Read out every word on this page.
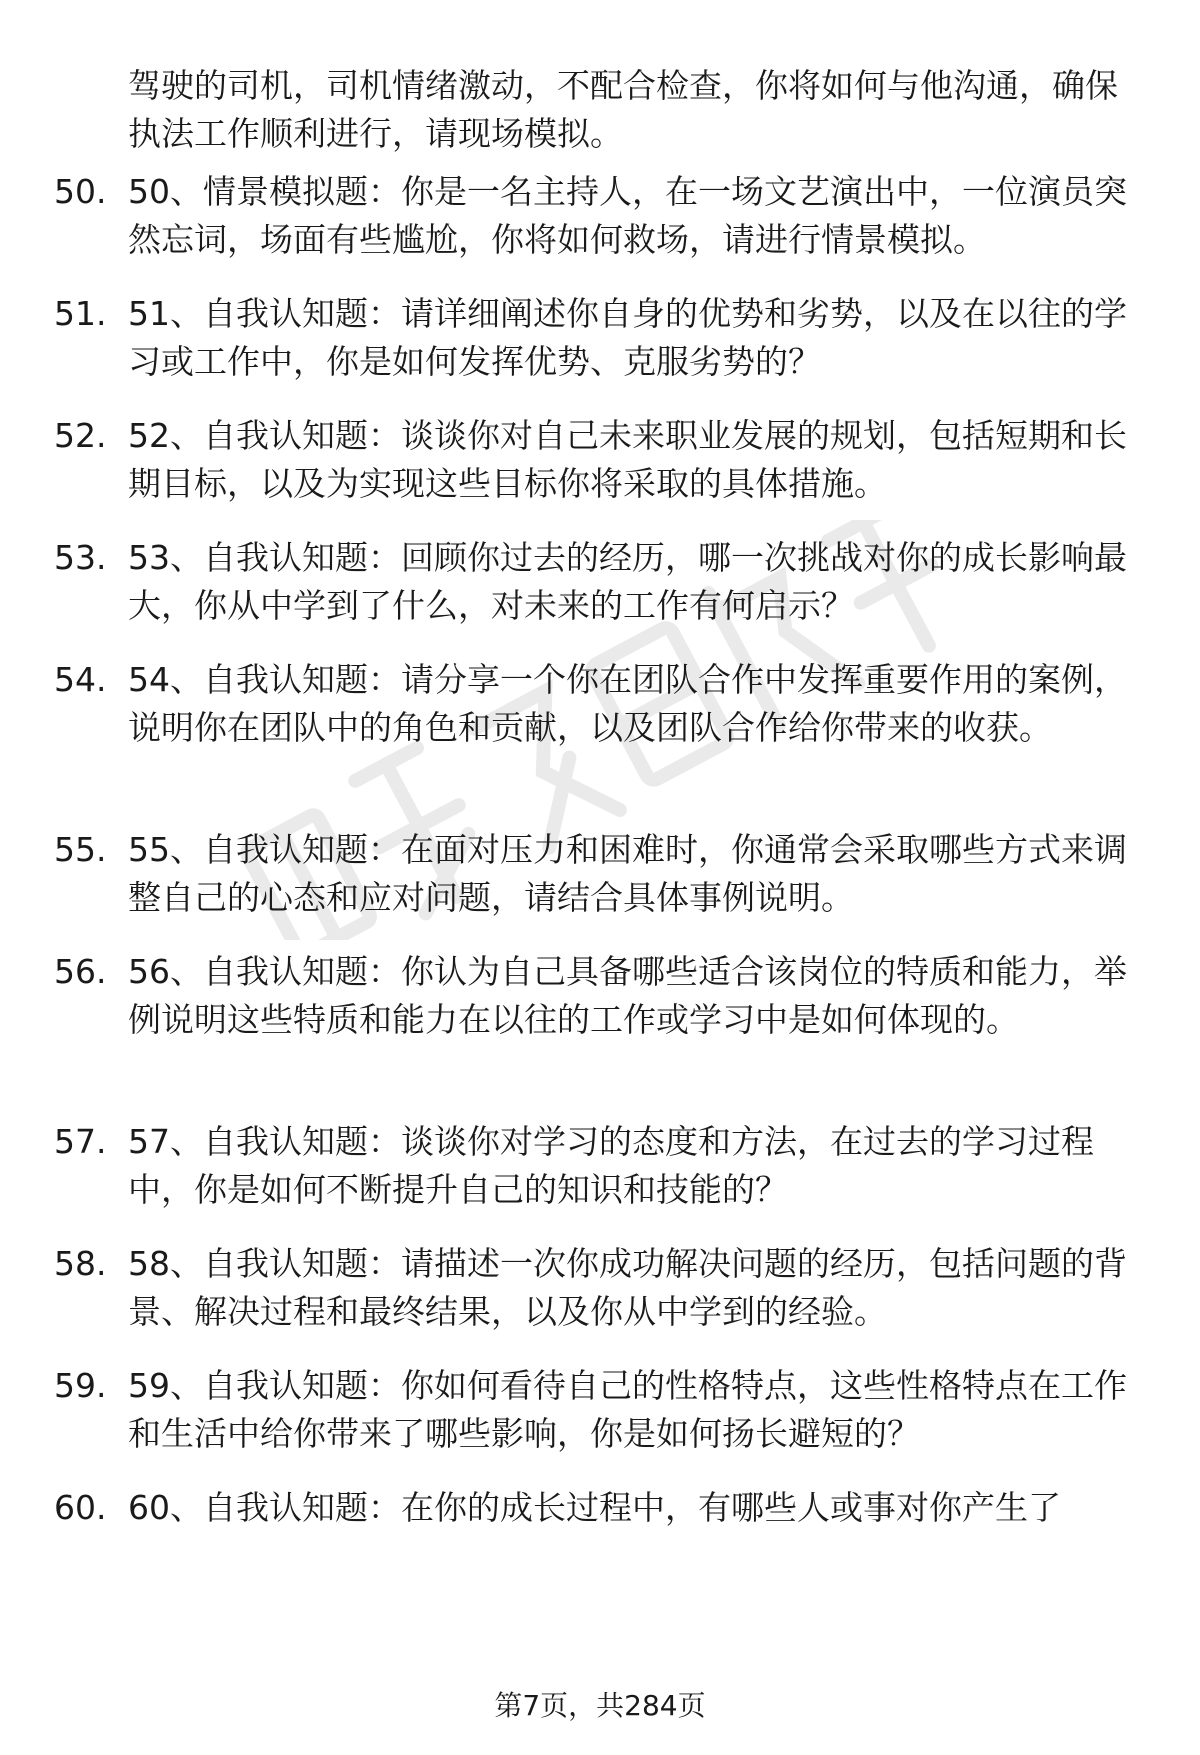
驾驶的司机，司机情绪激动，不配合检查，你将如何与他沟通，确保执法工作顺利进行，请现场模拟。

50. 50、情景模拟题：你是一名主持人，在一场文艺演出中，一位演员突然忘词，场面有些尴尬，你将如何救场，请进行情景模拟。

51. 51、自我认知题：请详细阐述你自身的优势和劣势，以及在以往的学习或工作中，你是如何发挥优势、克服劣势的？

52. 52、自我认知题：谈谈你对自己未来职业发展的规划，包括短期和长期目标，以及为实现这些目标你将采取的具体措施。

53. 53、自我认知题：回顾你过去的经历，哪一次挑战对你的成长影响最大，你从中学到了什么，对未来的工作有何启示？

54. 54、自我认知题：请分享一个你在团队合作中发挥重要作用的案例，说明你在团队中的角色和贡献，以及团队合作给你带来的收获。

55. 55、自我认知题：在面对压力和困难时，你通常会采取哪些方式来调整自己的心态和应对问题，请结合具体事例说明。

56. 56、自我认知题：你认为自己具备哪些适合该岗位的特质和能力，举例说明这些特质和能力在以往的工作或学习中是如何体现的。

57. 57、自我认知题：谈谈你对学习的态度和方法，在过去的学习过程中，你是如何不断提升自己的知识和技能的？

58. 58、自我认知题：请描述一次你成功解决问题的经历，包括问题的背景、解决过程和最终结果，以及你从中学到的经验。

59. 59、自我认知题：你如何看待自己的性格特点，这些性格特点在工作和生活中给你带来了哪些影响，你是如何扬长避短的？

60. 60、自我认知题：在你的成长过程中，有哪些人或事对你产生了

第7页，共284页
